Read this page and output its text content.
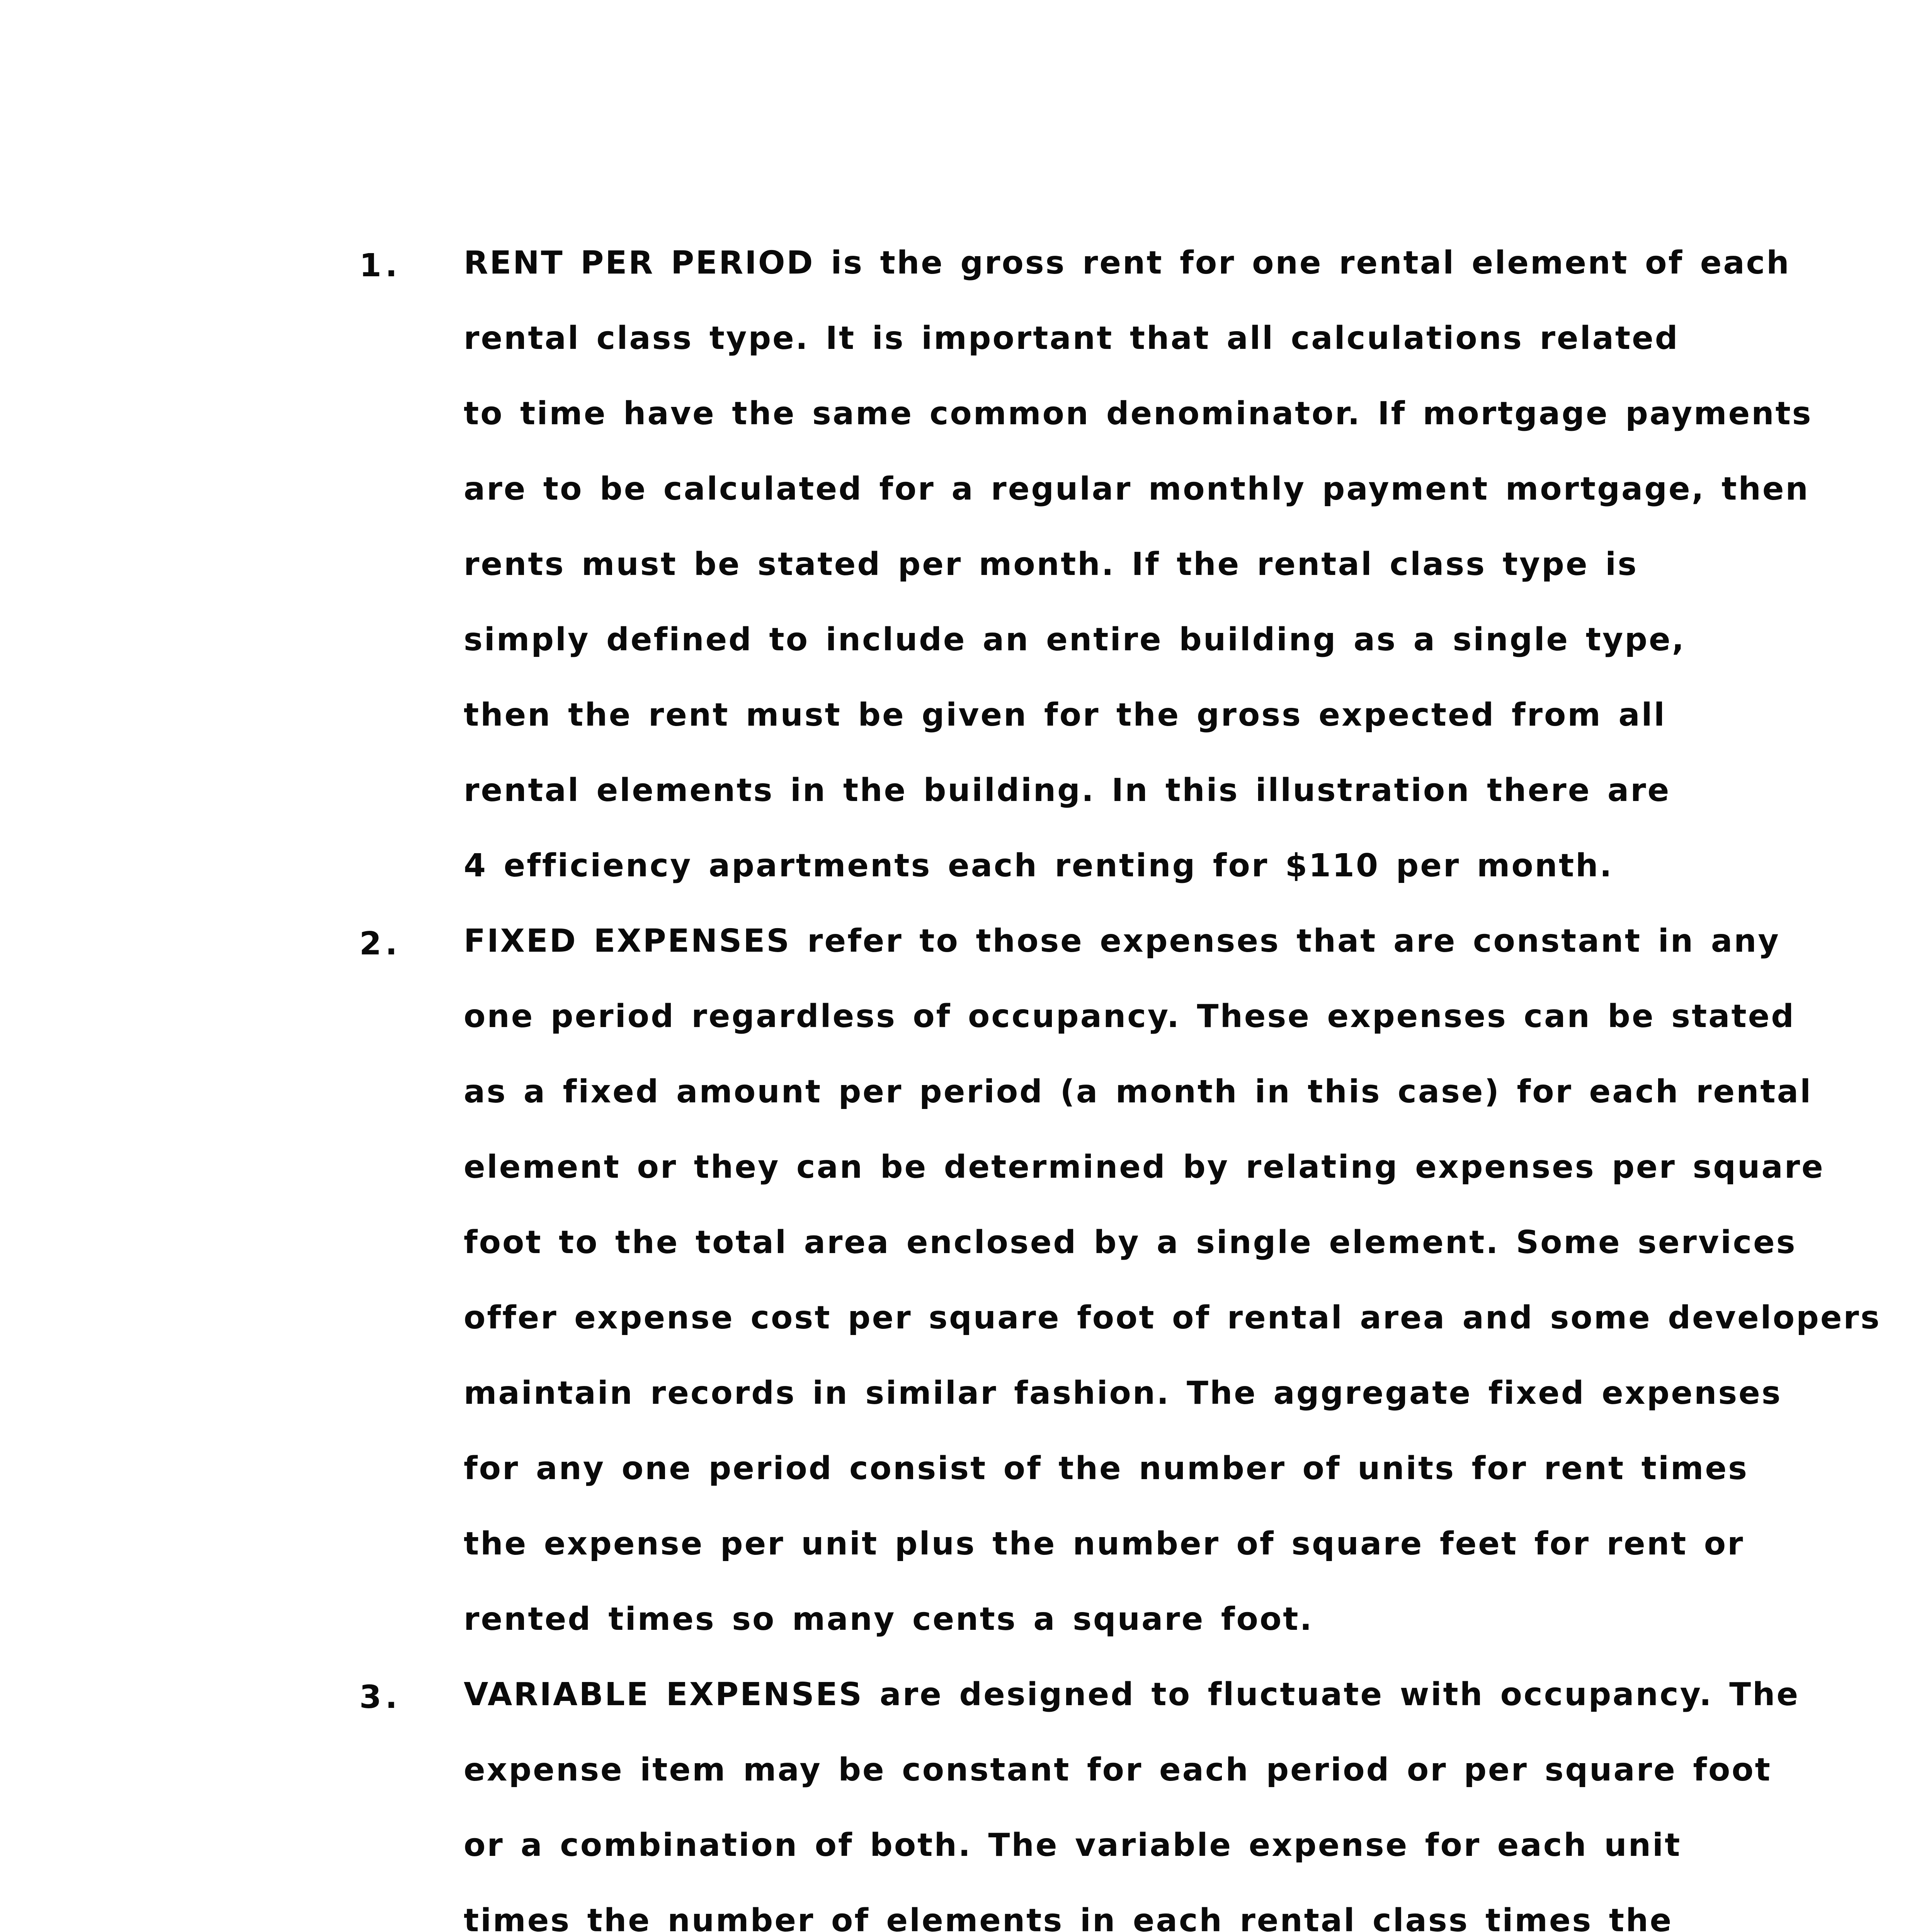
1. RENT PER PERIOD is the gross rent for one rental element of each
rental class type. It is important that all calculations related
to time have the same common denominator. If mortgage payments
are to be calculated for a regular monthly payment mortgage, then
rents must be stated per month. If the rental class type is
simply defined to include an entire building as a single type,
then the rent must be given for the gross expected from all
rental elements in the building. In this illustration there are
4 efficiency apartments each renting for $110 per month.
2. FIXED EXPENSES refer to those expenses that are constant in any
one period regardless of occupancy. These expenses can be stated
as a fixed amount per period (a month in this case) for each rental
element or they can be determined by relating expenses per square
foot to the total area enclosed by a single element. Some services
offer expense cost per square foot of rental area and some developers
maintain records in similar fashion. The aggregate fixed expenses
for any one period consist of the number of units for rent times
the expense per unit plus the number of square feet for rent or
rented times so many cents a square foot.
3. VARIABLE EXPENSES are designed to fluctuate with occupancy. The
expense item may be constant for each period or per square foot
or a combination of both. The variable expense for each unit
times the number of elements in each rental class times the
